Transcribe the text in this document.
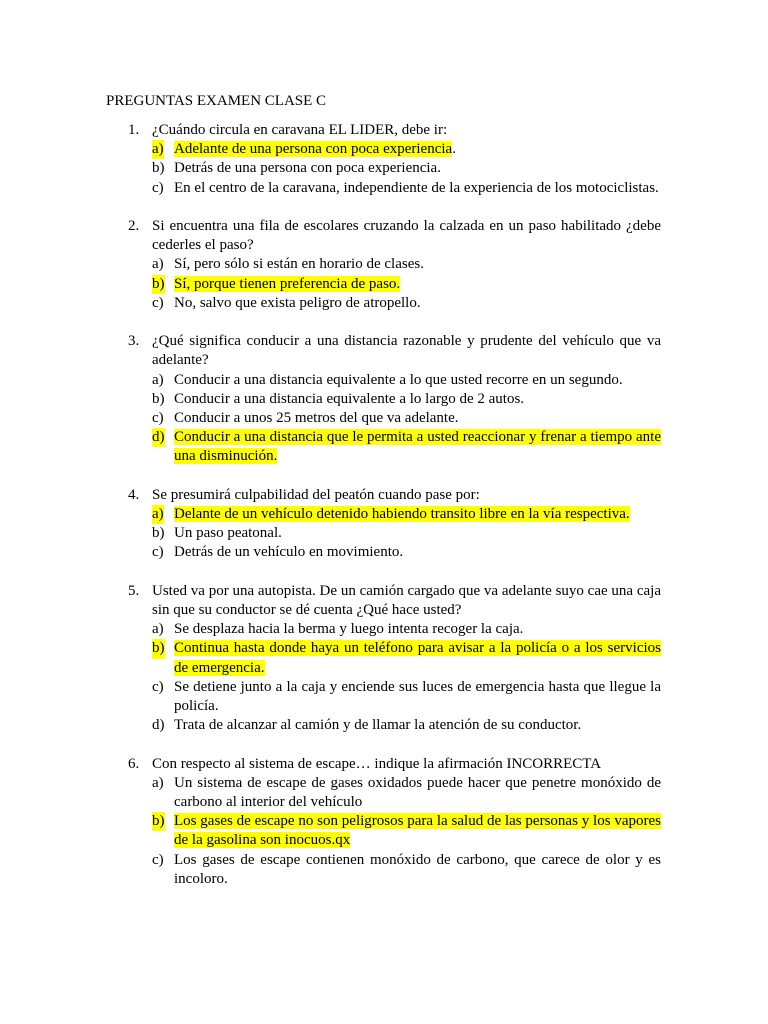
PREGUNTAS EXAMEN CLASE C
1. ¿Cuándo circula en caravana EL LIDER, debe ir:
a) Adelante de una persona con poca experiencia.
b) Detrás de una persona con poca experiencia.
c) En el centro de la caravana, independiente de la experiencia de los motociclistas.
2. Si encuentra una fila de escolares cruzando la calzada en un paso habilitado ¿debe cederles el paso?
a) Sí, pero sólo si están en horario de clases.
b) Sí, porque tienen preferencia de paso.
c) No, salvo que exista peligro de atropello.
3. ¿Qué significa conducir a una distancia razonable y prudente del vehículo que va adelante?
a) Conducir a una distancia equivalente a lo que usted recorre en un segundo.
b) Conducir a una distancia equivalente a lo largo de 2 autos.
c) Conducir a unos 25 metros del que va adelante.
d) Conducir a una distancia que le permita a usted reaccionar y frenar a tiempo ante una disminución.
4. Se presumirá culpabilidad del peatón cuando pase por:
a) Delante de un vehículo detenido habiendo transito libre en la vía respectiva.
b) Un paso peatonal.
c) Detrás de un vehículo en movimiento.
5. Usted va por una autopista. De un camión cargado que va adelante suyo cae una caja sin que su conductor se dé cuenta ¿Qué hace usted?
a) Se desplaza hacia la berma y luego intenta recoger la caja.
b) Continua hasta donde haya un teléfono para avisar a la policía o a los servicios de emergencia.
c) Se detiene junto a la caja y enciende sus luces de emergencia hasta que llegue la policía.
d) Trata de alcanzar al camión y de llamar la atención de su conductor.
6. Con respecto al sistema de escape… indique la afirmación INCORRECTA
a) Un sistema de escape de gases oxidados puede hacer que penetre monóxido de carbono al interior del vehículo
b) Los gases de escape no son peligrosos para la salud de las personas y los vapores de la gasolina son inocuos.qx
c) Los gases de escape contienen monóxido de carbono, que carece de olor y es incoloro.
